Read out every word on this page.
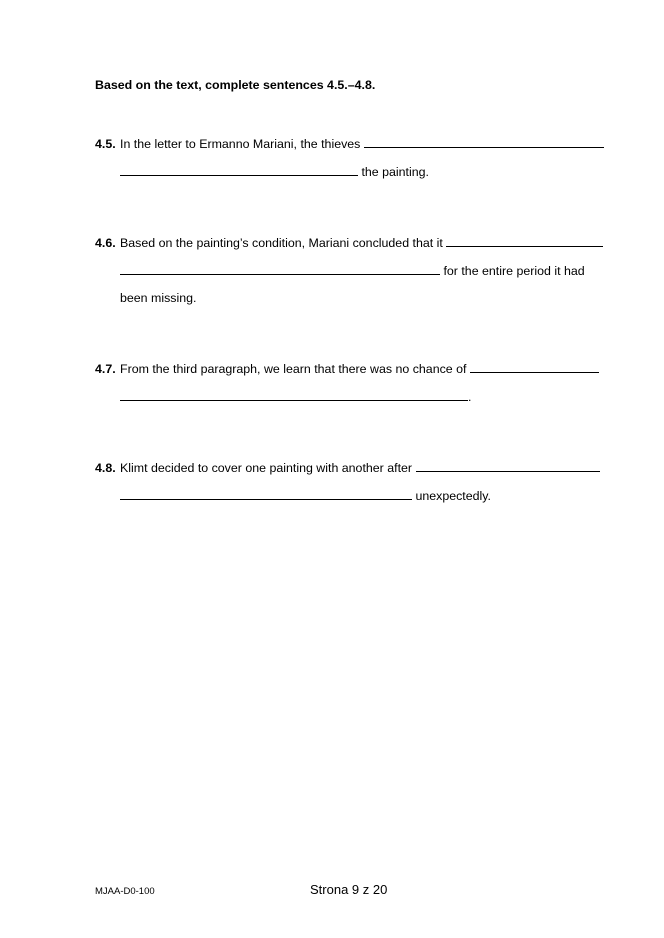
Based on the text, complete sentences 4.5.–4.8.
4.5. In the letter to Ermanno Mariani, the thieves
the painting.
4.6. Based on the painting’s condition, Mariani concluded that it
for the entire period it had
been missing.
4.7. From the third paragraph, we learn that there was no chance of
.
4.8. Klimt decided to cover one painting with another after
unexpectedly.
MJAA-D0-100	Strona 9 z 20
